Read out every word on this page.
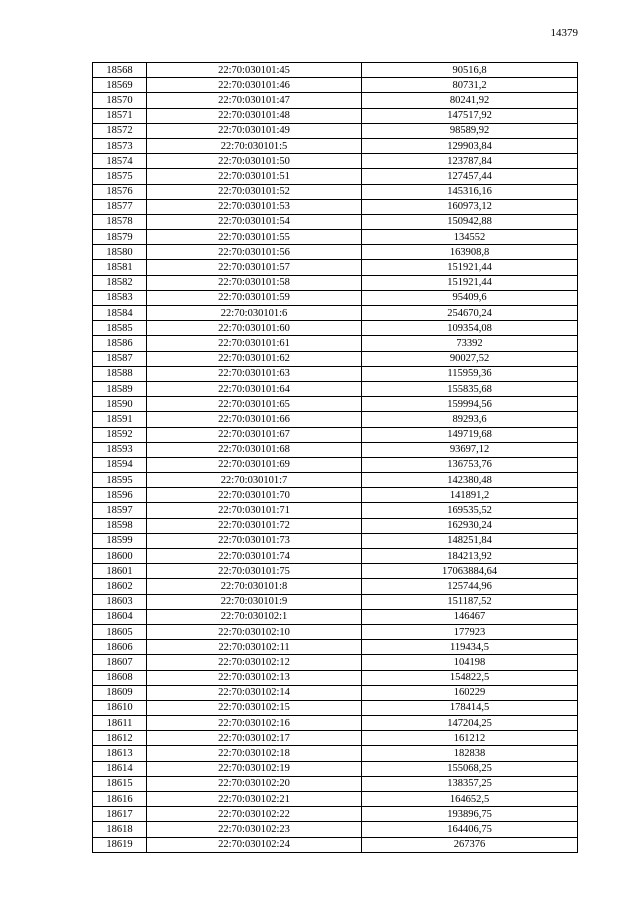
14379
18568	22:70:030101:45	90516,8
18569	22:70:030101:46	80731,2
18570	22:70:030101:47	80241,92
18571	22:70:030101:48	147517,92
18572	22:70:030101:49	98589,92
18573	22:70:030101:5	129903,84
18574	22:70:030101:50	123787,84
18575	22:70:030101:51	127457,44
18576	22:70:030101:52	145316,16
18577	22:70:030101:53	160973,12
18578	22:70:030101:54	150942,88
18579	22:70:030101:55	134552
18580	22:70:030101:56	163908,8
18581	22:70:030101:57	151921,44
18582	22:70:030101:58	151921,44
18583	22:70:030101:59	95409,6
18584	22:70:030101:6	254670,24
18585	22:70:030101:60	109354,08
18586	22:70:030101:61	73392
18587	22:70:030101:62	90027,52
18588	22:70:030101:63	115959,36
18589	22:70:030101:64	155835,68
18590	22:70:030101:65	159994,56
18591	22:70:030101:66	89293,6
18592	22:70:030101:67	149719,68
18593	22:70:030101:68	93697,12
18594	22:70:030101:69	136753,76
18595	22:70:030101:7	142380,48
18596	22:70:030101:70	141891,2
18597	22:70:030101:71	169535,52
18598	22:70:030101:72	162930,24
18599	22:70:030101:73	148251,84
18600	22:70:030101:74	184213,92
18601	22:70:030101:75	17063884,64
18602	22:70:030101:8	125744,96
18603	22:70:030101:9	151187,52
18604	22:70:030102:1	146467
18605	22:70:030102:10	177923
18606	22:70:030102:11	119434,5
18607	22:70:030102:12	104198
18608	22:70:030102:13	154822,5
18609	22:70:030102:14	160229
18610	22:70:030102:15	178414,5
18611	22:70:030102:16	147204,25
18612	22:70:030102:17	161212
18613	22:70:030102:18	182838
18614	22:70:030102:19	155068,25
18615	22:70:030102:20	138357,25
18616	22:70:030102:21	164652,5
18617	22:70:030102:22	193896,75
18618	22:70:030102:23	164406,75
18619	22:70:030102:24	267376
